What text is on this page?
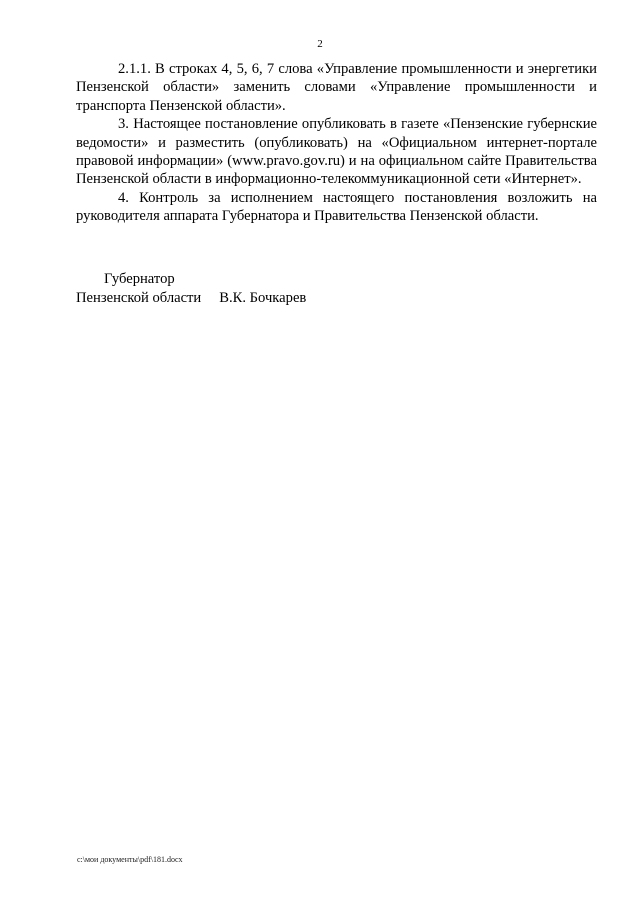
2

2.1.1. В строках 4, 5, 6, 7 слова «Управление промышленности и энергетики Пензенской области» заменить словами «Управление промышленности и транспорта Пензенской области».

3. Настоящее постановление опубликовать в газете «Пензенские губернские ведомости» и разместить (опубликовать) на «Официальном интернет-портале правовой информации» (www.pravo.gov.ru) и на официальном сайте Правительства Пензенской области в информационно-телекоммуникационной сети «Интернет».

4. Контроль за исполнением настоящего постановления возложить на руководителя аппарата Губернатора и Правительства Пензенской области.

Губернатор
Пензенской области В.К. Бочкарев
c:\мои документы\pdf\181.docx
